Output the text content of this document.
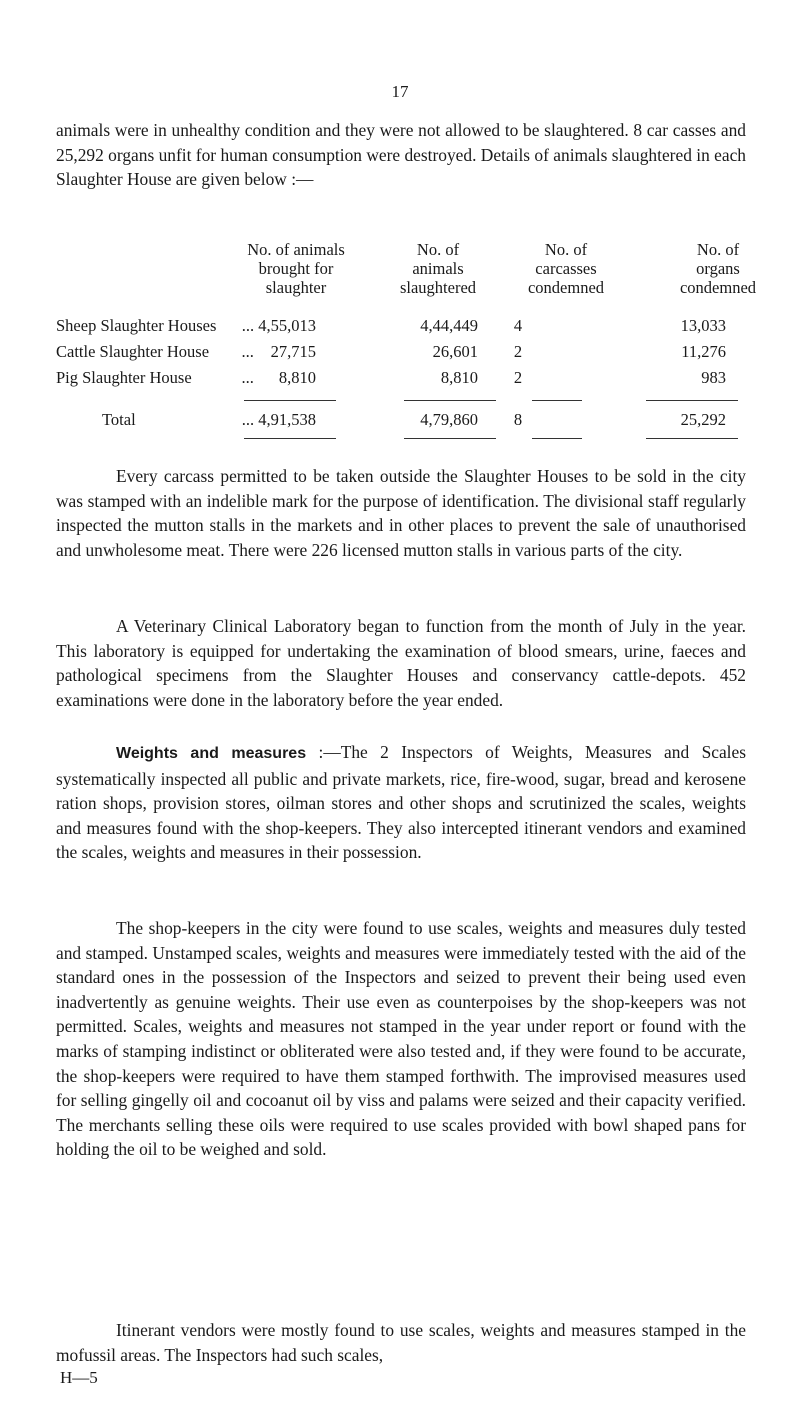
17

animals were in unhealthy condition and they were not allowed to be slaughtered. 8 car casses and 25,292 organs unfit for human consumption were destroyed. Details of animals slaughtered in each Slaughter House are given below :—

No. of animals
brought for
slaughter
No. of
animals
slaughtered
No. of
carcasses
condemned
No. of
organs
condemned
Sheep Slaughter Houses	... 4,55,013	4,44,449	4	13,033
Cattle Slaughter House	... 27,715	26,601	2	11,276
Pig Slaughter House	... 8,810	8,810	2	983
Total	... 4,91,538	4,79,860	8	25,292

Every carcass permitted to be taken outside the Slaughter Houses to be sold in the city was stamped with an indelible mark for the purpose of identification. The divisional staff regularly inspected the mutton stalls in the markets and in other places to prevent the sale of unauthorised and unwholesome meat. There were 226 licensed mutton stalls in various parts of the city.

A Veterinary Clinical Laboratory began to function from the month of July in the year. This laboratory is equipped for undertaking the examination of blood smears, urine, faeces and pathological specimens from the Slaughter Houses and conservancy cattle-depots. 452 examinations were done in the laboratory before the year ended.

Weights and measures :—The 2 Inspectors of Weights, Measures and Scales systematically inspected all public and private markets, rice, fire-wood, sugar, bread and kerosene ration shops, provision stores, oilman stores and other shops and scrutinized the scales, weights and measures found with the shop-keepers. They also intercepted itinerant vendors and examined the scales, weights and measures in their possession.

The shop-keepers in the city were found to use scales, weights and measures duly tested and stamped. Unstamped scales, weights and measures were immediately tested with the aid of the standard ones in the possession of the Inspectors and seized to prevent their being used even inadvertently as genuine weights. Their use even as counterpoises by the shop-keepers was not permitted. Scales, weights and measures not stamped in the year under report or found with the marks of stamping indistinct or obliterated were also tested and, if they were found to be accurate, the shop-keepers were required to have them stamped forthwith. The improvised measures used for selling gingelly oil and cocoanut oil by viss and palams were seized and their capacity verified. The merchants selling these oils were required to use scales provided with bowl shaped pans for holding the oil to be weighed and sold.

Itinerant vendors were mostly found to use scales, weights and measures stamped in the mofussil areas. The Inspectors had such scales,

H—5
